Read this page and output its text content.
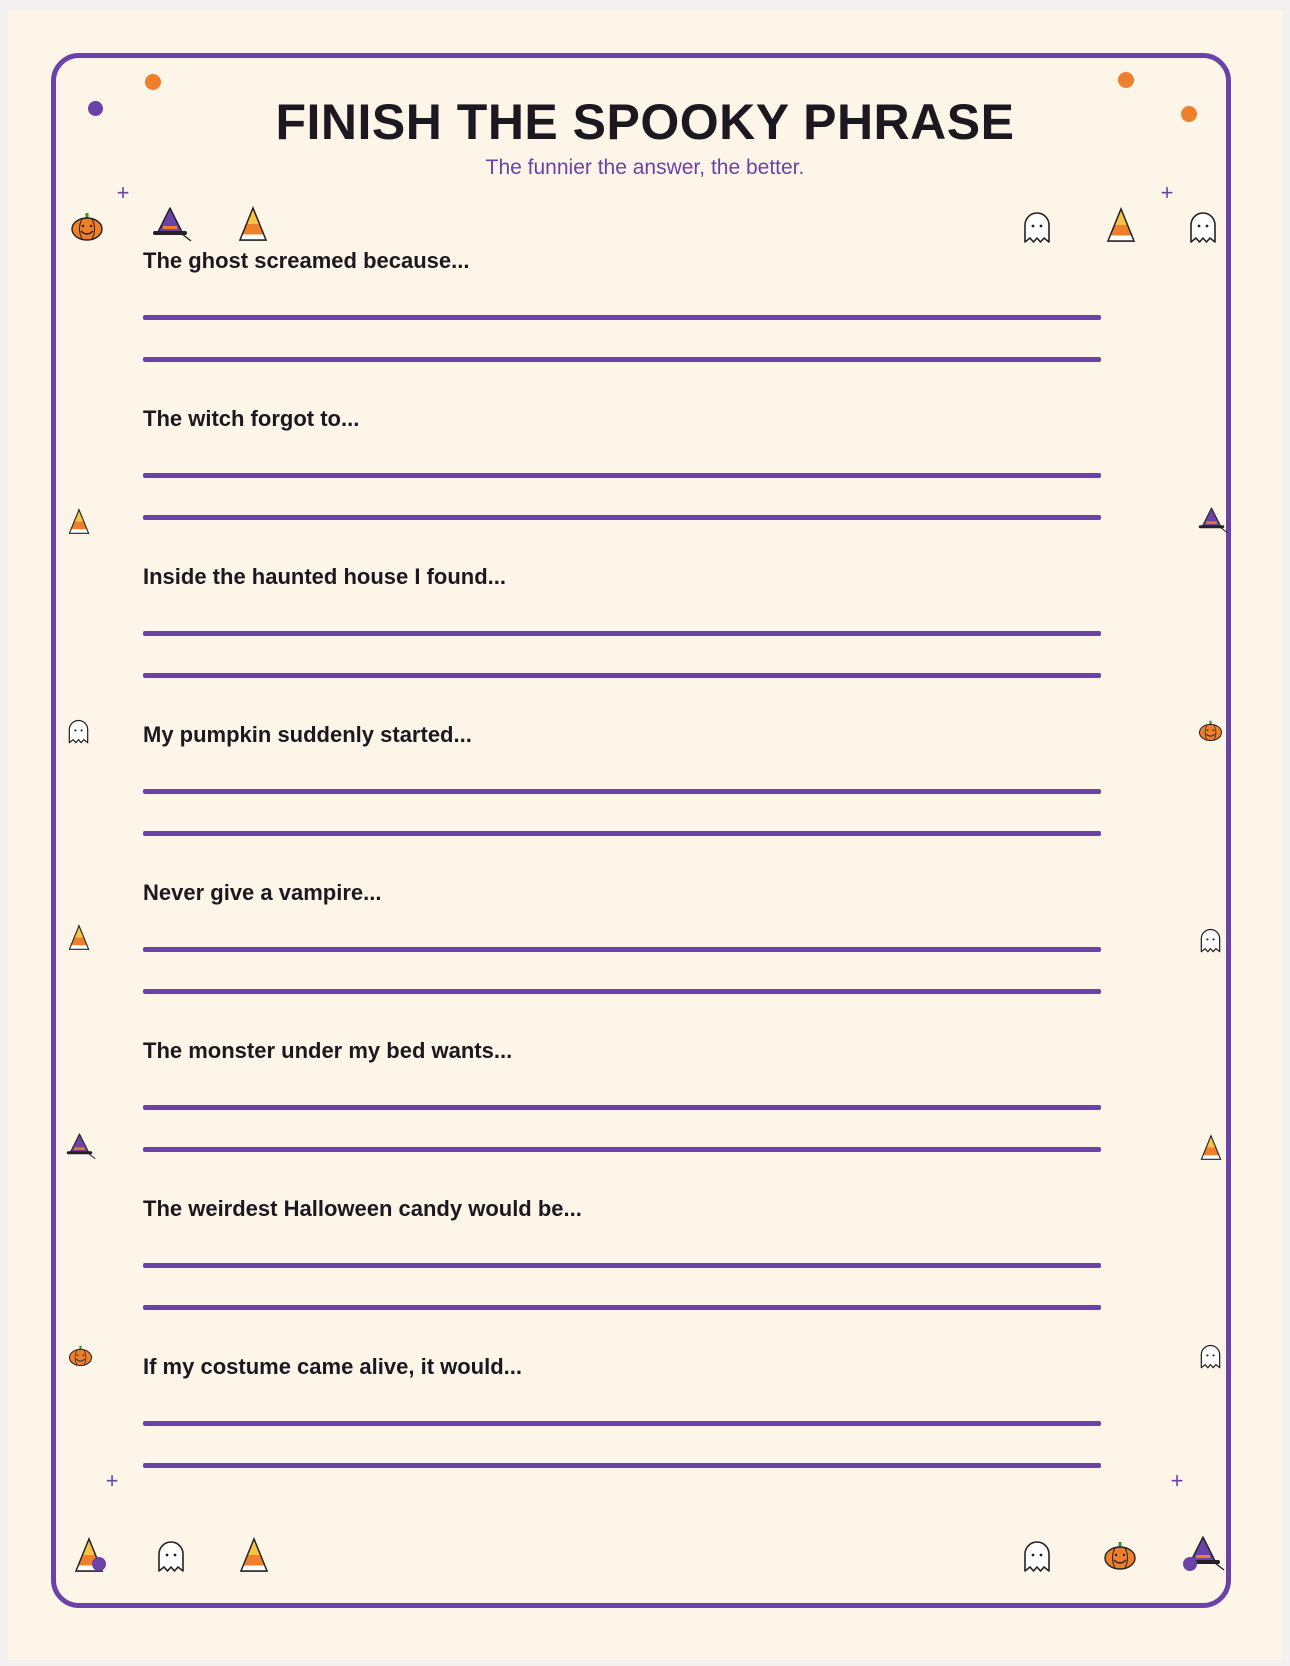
FINISH THE SPOOKY PHRASE

The funnier the answer, the better.

The ghost screamed because...
The witch forgot to...
Inside the haunted house I found...
My pumpkin suddenly started...
Never give a vampire...
The monster under my bed wants...
The weirdest Halloween candy would be...
If my costume came alive, it would...
+	+
+	+
